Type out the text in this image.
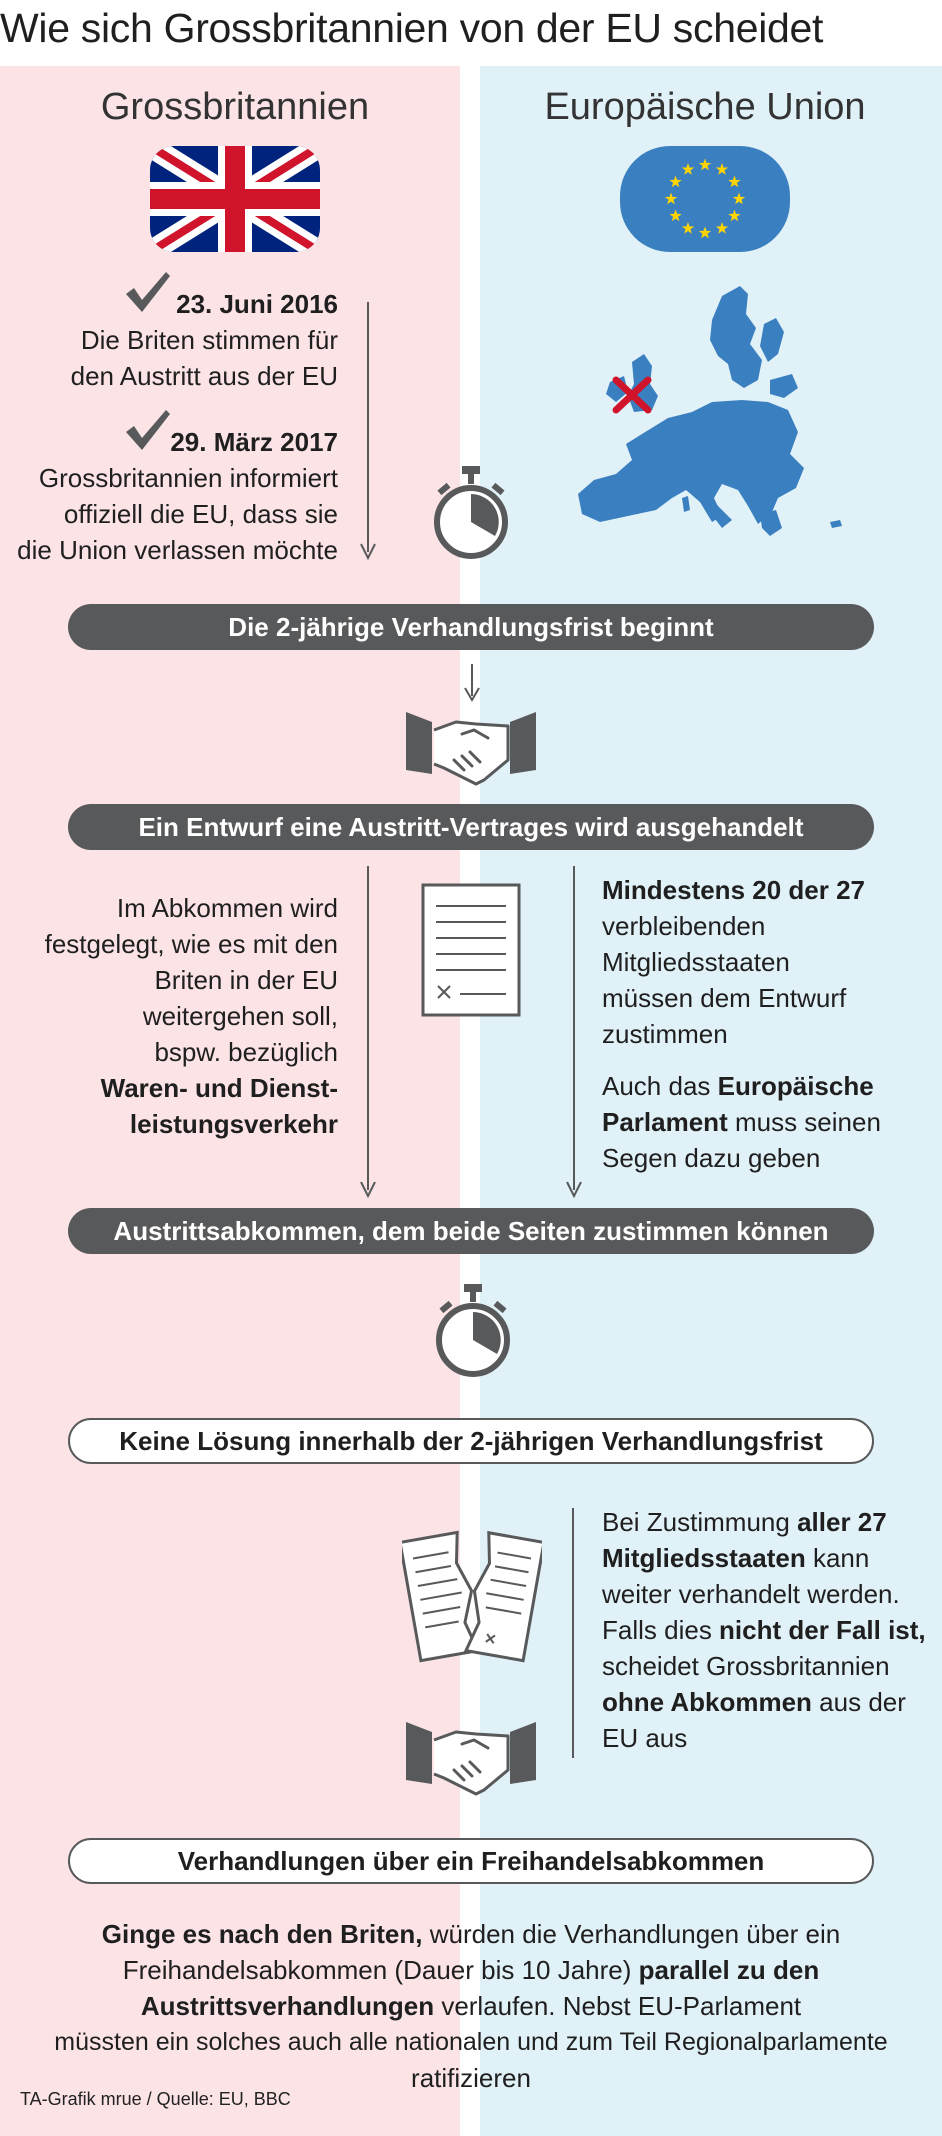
Wie sich Grossbritannien von der EU scheidet
Grossbritannien	Europäische Union
23. Juni 2016
Die Briten stimmen für
den Austritt aus der EU
29. März 2017
Grossbritannien informiert
offiziell die EU, dass sie
die Union verlassen möchte
Die 2-jährige Verhandlungsfrist beginnt
Ein Entwurf eine Austritt-Vertrages wird ausgehandelt
Im Abkommen wird
festgelegt, wie es mit den
Briten in der EU
weitergehen soll,
bspw. bezüglich
Waren- und Dienst-
leistungsverkehr
Mindestens 20 der 27
verbleibenden
Mitgliedsstaaten
müssen dem Entwurf
zustimmen
Auch das Europäische
Parlament muss seinen
Segen dazu geben
Austrittsabkommen, dem beide Seiten zustimmen können
Keine Lösung innerhalb der 2-jährigen Verhandlungsfrist
Bei Zustimmung aller 27
Mitgliedsstaaten kann
weiter verhandelt werden.
Falls dies nicht der Fall ist,
scheidet Grossbritannien
ohne Abkommen aus der
EU aus
Verhandlungen über ein Freihandelsabkommen
Ginge es nach den Briten, würden die Verhandlungen über ein
Freihandelsabkommen (Dauer bis 10 Jahre) parallel zu den
Austrittsverhandlungen verlaufen. Nebst EU-Parlament
müssten ein solches auch alle nationalen und zum Teil Regionalparlamente
ratifizieren
TA-Grafik mrue / Quelle: EU, BBC
